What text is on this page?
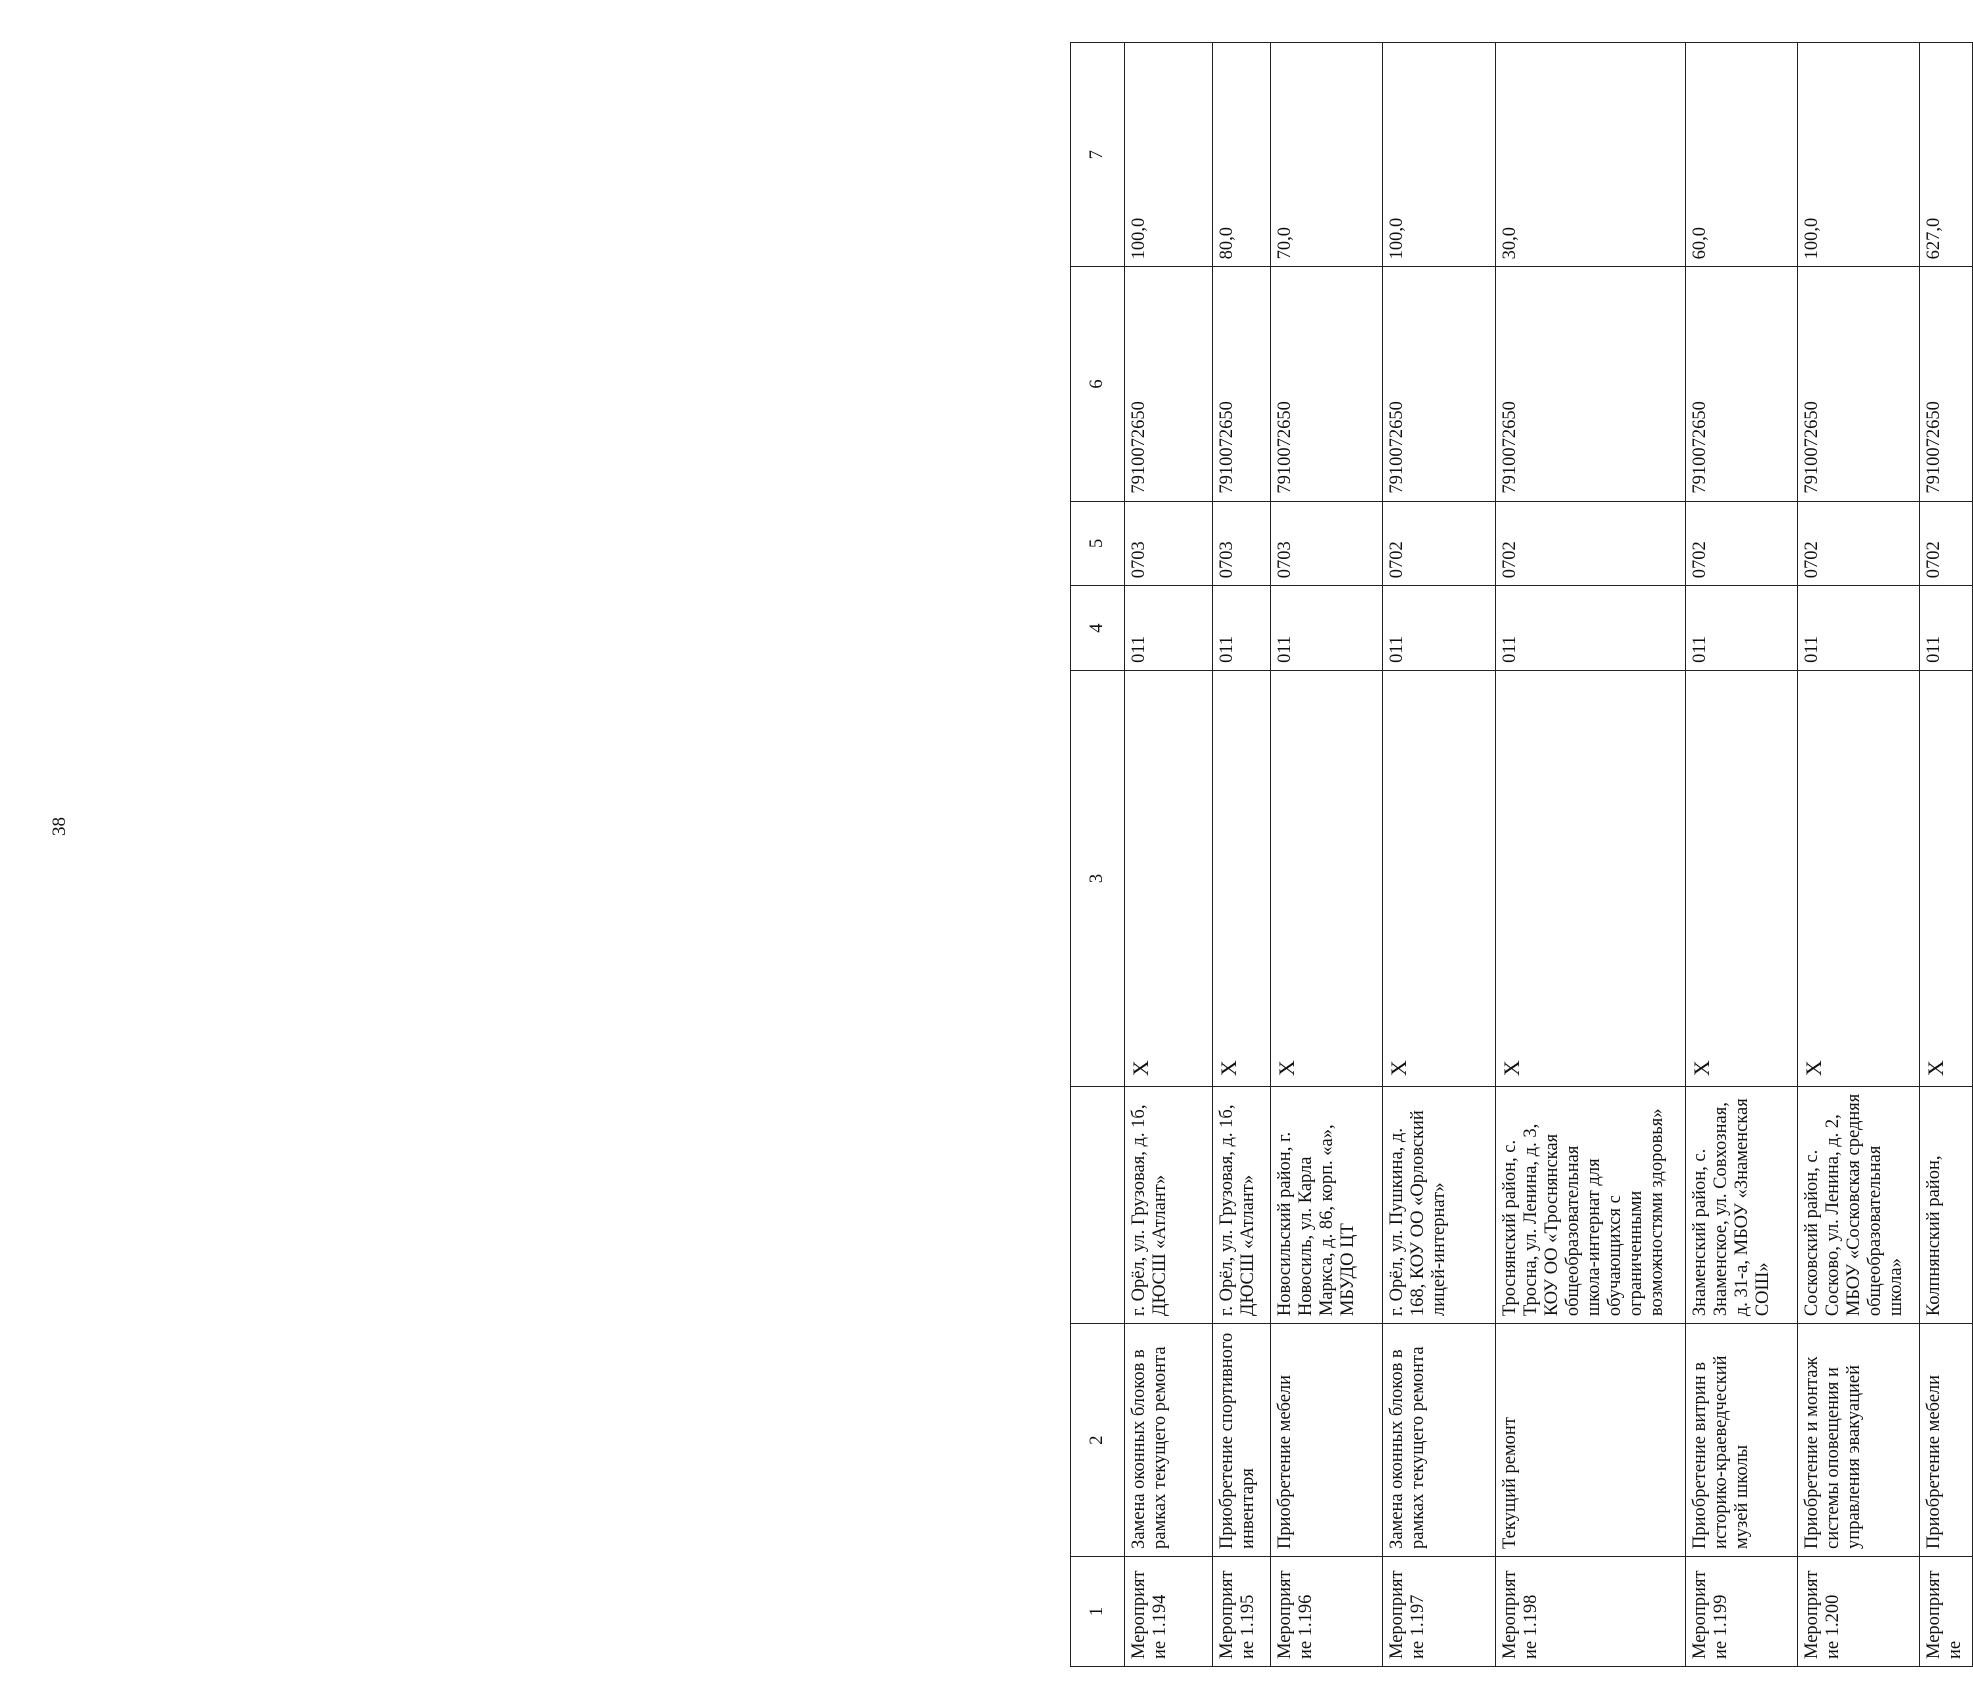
38
1	2		3	4	5	6	7
Мероприятие 1.194	Замена оконных блоков в рамках текущего ремонта	г. Орёл, ул. Грузовая, д. 1б, ДЮСШ «Атлант»	X	011	0703	7910072650	100,0
Мероприятие 1.195	Приобретение спортивного инвентаря	г. Орёл, ул. Грузовая, д. 1б, ДЮСШ «Атлант»	X	011	0703	7910072650	80,0
Мероприятие 1.196	Приобретение мебели	Новосильский район, г. Новосиль, ул. Карла Маркса, д. 86, корп. «а», МБУДО ЦТ	X	011	0703	7910072650	70,0
Мероприятие 1.197	Замена оконных блоков в рамках текущего ремонта	г. Орёл, ул. Пушкина, д. 168, КОУ ОО «Орловский лицей-интернат»	X	011	0702	7910072650	100,0
Мероприятие 1.198	Текущий ремонт	Троснянский район, с. Тросна, ул. Ленина, д. 3, КОУ ОО «Троснянская общеобразовательная школа-интернат для обучающихся с ограниченными возможностями здоровья»	X	011	0702	7910072650	30,0
Мероприятие 1.199	Приобретение витрин в историко-краеведческий музей школы	Знаменский район, с. Знаменское, ул. Совхозная, д. 31-а, МБОУ «Знаменская СОШ»	X	011	0702	7910072650	60,0
Мероприятие 1.200	Приобретение и монтаж системы оповещения и управления эвакуацией	Сосковский район, с. Сосково, ул. Ленина, д. 2, МБОУ «Сосковская средняя общеобразовательная школа»	X	011	0702	7910072650	100,0
Мероприятие	Приобретение мебели	Колпнянский район,	X	011	0702	7910072650	627,0
